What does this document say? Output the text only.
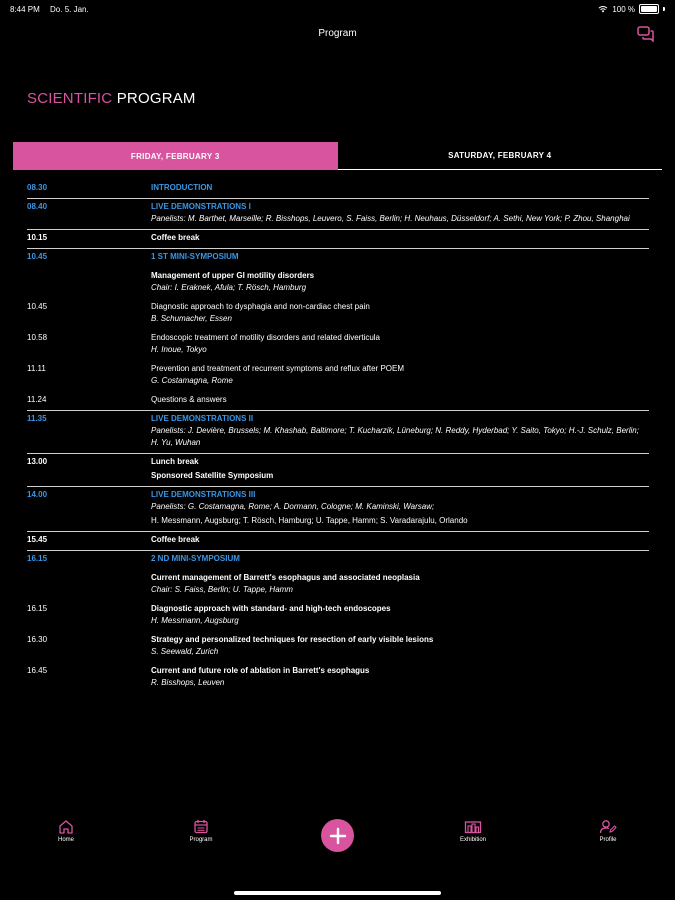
8:44 PM Do. 5. Jan.	100 %
Program
SCIENTIFIC PROGRAM
FRIDAY, FEBRUARY 3	SATURDAY, FEBRUARY 4
08.30	INTRODUCTION
08.40	LIVE DEMONSTRATIONS I
Panelists: M. Barthet, Marseille; R. Bisshops, Leuvero, S. Faiss, Berlin; H. Neuhaus, Düsseldorf; A. Sethi, New York; P. Zhou, Shanghai
10.15	Coffee break
10.45	1 ST MINI-SYMPOSIUM
Management of upper GI motility disorders
Chair: I. Eraknek, Afula; T. Rösch, Hamburg
10.45	Diagnostic approach to dysphagia and non-cardiac chest pain
B. Schumacher, Essen
10.58	Endoscopic treatment of motility disorders and related diverticula
H. Inoue, Tokyo
11.11	Prevention and treatment of recurrent symptoms and reflux after POEM
G. Costamagna, Rome
11.24	Questions & answers
11.35	LIVE DEMONSTRATIONS II
Panelists: J. Devière, Brussels; M. Khashab, Baltimore; T. Kucharzik, Lüneburg; N. Reddy, Hyderbad; Y. Saito, Tokyo; H.-J. Schulz, Berlin;                H. Yu, Wuhan
13.00	Lunch break
Sponsored Satellite Symposium
14.00	LIVE DEMONSTRATIONS III
Panelists: G. Costamagna, Rome; A. Dormann, Cologne; M. Kaminski, Warsaw;
H. Messmann, Augsburg; T. Rösch, Hamburg; U. Tappe, Hamm; S. Varadarajulu, Orlando
15.45	Coffee break
16.15	2 ND MINI-SYMPOSIUM
Current management of Barrett's esophagus and associated neoplasia
Chair: S. Faiss, Berlin; U. Tappe, Hamm
16.15	Diagnostic approach with standard- and high-tech endoscopes
H. Messmann, Augsburg
16.30	Strategy and personalized techniques for resection of early visible lesions
S. Seewald, Zurich
16.45	Current and future role of ablation in Barrett's esophagus
R. Bisshops, Leuven
Home	Program	Exhibition	Profile
